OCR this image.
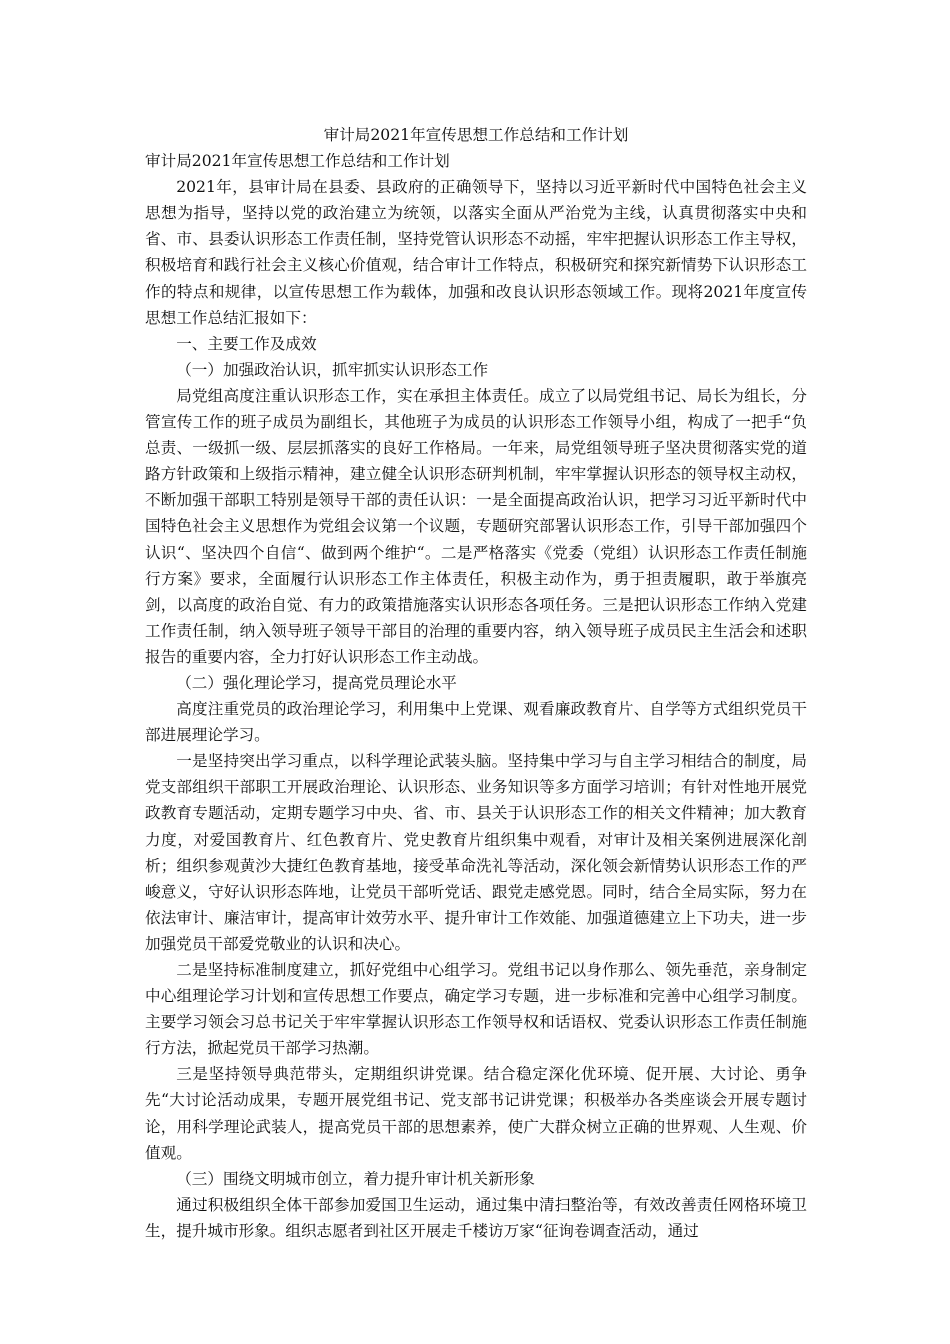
审计局2021年宣传思想工作总结和工作计划

审计局2021年宣传思想工作总结和工作计划

2021年，县审计局在县委、县政府的正确领导下，坚持以习近平新时代中国特色社会主义思想为指导，坚持以党的政治建立为统领，以落实全面从严治党为主线，认真贯彻落实中央和省、市、县委认识形态工作责任制，坚持党管认识形态不动摇，牢牢把握认识形态工作主导权，积极培育和践行社会主义核心价值观，结合审计工作特点，积极研究和探究新情势下认识形态工作的特点和规律，以宣传思想工作为载体，加强和改良认识形态领域工作。现将2021年度宣传思想工作总结汇报如下：

一、主要工作及成效

（一）加强政治认识，抓牢抓实认识形态工作

局党组高度注重认识形态工作，实在承担主体责任。成立了以局党组书记、局长为组长，分管宣传工作的班子成员为副组长，其他班子为成员的认识形态工作领导小组，构成了一把手“负总责、一级抓一级、层层抓落实的良好工作格局。一年来，局党组领导班子坚决贯彻落实党的道路方针政策和上级指示精神，建立健全认识形态研判机制，牢牢掌握认识形态的领导权主动权，不断加强干部职工特别是领导干部的责任认识：一是全面提高政治认识，把学习习近平新时代中国特色社会主义思想作为党组会议第一个议题，专题研究部署认识形态工作，引导干部加强四个认识“、坚决四个自信“、做到两个维护“。二是严格落实《党委（党组）认识形态工作责任制施行方案》要求，全面履行认识形态工作主体责任，积极主动作为，勇于担责履职，敢于举旗亮剑，以高度的政治自觉、有力的政策措施落实认识形态各项任务。三是把认识形态工作纳入党建工作责任制，纳入领导班子领导干部目的治理的重要内容，纳入领导班子成员民主生活会和述职报告的重要内容，全力打好认识形态工作主动战。

（二）强化理论学习，提高党员理论水平

高度注重党员的政治理论学习，利用集中上党课、观看廉政教育片、自学等方式组织党员干部进展理论学习。

一是坚持突出学习重点，以科学理论武装头脑。坚持集中学习与自主学习相结合的制度，局党支部组织干部职工开展政治理论、认识形态、业务知识等多方面学习培训；有针对性地开展党政教育专题活动，定期专题学习中央、省、市、县关于认识形态工作的相关文件精神；加大教育力度，对爱国教育片、红色教育片、党史教育片组织集中观看，对审计及相关案例进展深化剖析；组织参观黄沙大捷红色教育基地，接受革命洗礼等活动，深化领会新情势认识形态工作的严峻意义，守好认识形态阵地，让党员干部听党话、跟党走感党恩。同时，结合全局实际，努力在依法审计、廉洁审计，提高审计效劳水平、提升审计工作效能、加强道德建立上下功夫，进一步加强党员干部爱党敬业的认识和决心。

二是坚持标准制度建立，抓好党组中心组学习。党组书记以身作那么、领先垂范，亲身制定中心组理论学习计划和宣传思想工作要点，确定学习专题，进一步标准和完善中心组学习制度。主要学习领会习总书记关于牢牢掌握认识形态工作领导权和话语权、党委认识形态工作责任制施行方法，掀起党员干部学习热潮。

三是坚持领导典范带头，定期组织讲党课。结合稳定深化优环境、促开展、大讨论、勇争先“大讨论活动成果，专题开展党组书记、党支部书记讲党课；积极举办各类座谈会开展专题讨论，用科学理论武装人，提高党员干部的思想素养，使广大群众树立正确的世界观、人生观、价值观。

（三）围绕文明城市创立，着力提升审计机关新形象

通过积极组织全体干部参加爱国卫生运动，通过集中清扫整治等，有效改善责任网格环境卫生，提升城市形象。组织志愿者到社区开展走千楼访万家“征询卷调查活动，通过
